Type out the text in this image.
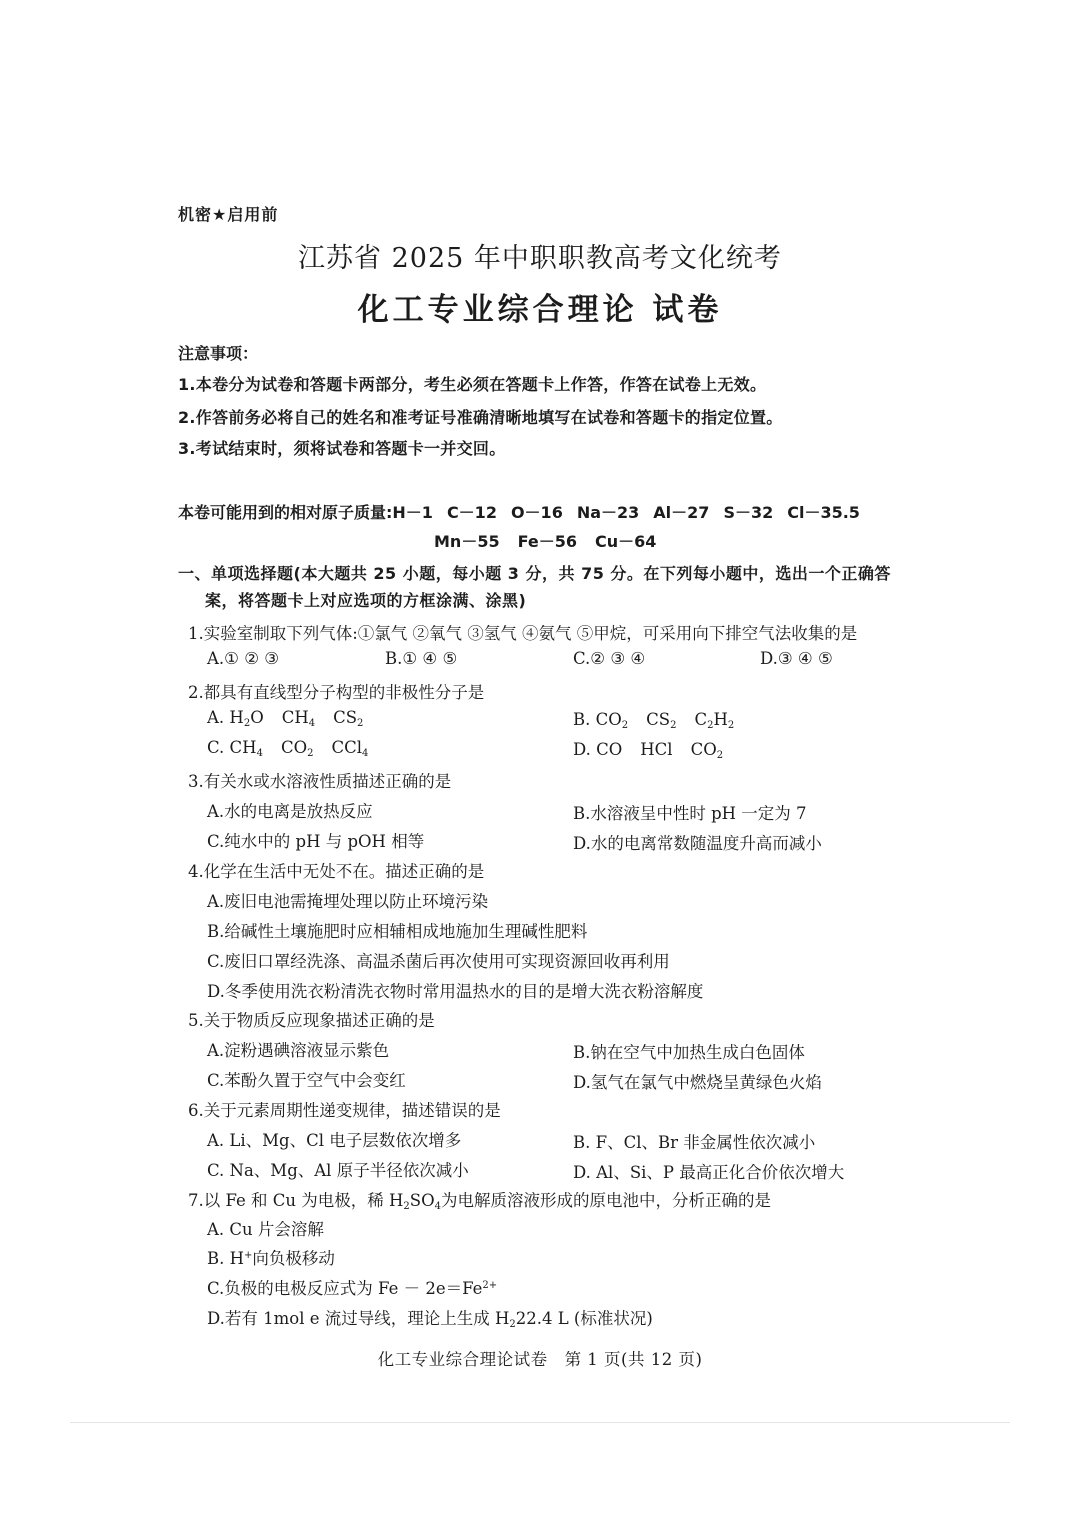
机密★启用前
江苏省 2025 年中职职教高考文化统考
化工专业综合理论 试卷
注意事项：
1.本卷分为试卷和答题卡两部分，考生必须在答题卡上作答，作答在试卷上无效。
2.作答前务必将自己的姓名和准考证号准确清晰地填写在试卷和答题卡的指定位置。
3.考试结束时，须将试卷和答题卡一并交回。
本卷可能用到的相对原子质量:H－1 C－12 O－16 Na－23 Al－27 S－32 Cl－35.5
Mn－55 Fe－56 Cu－64
一、单项选择题(本大题共 25 小题，每小题 3 分，共 75 分。在下列每小题中，选出一个正确答
案，将答题卡上对应选项的方框涂满、涂黑)
1.实验室制取下列气体:①氯气 ②氧气 ③氢气 ④氨气 ⑤甲烷，可采用向下排空气法收集的是
A.① ② ③	B.① ④ ⑤	C.② ③ ④	D.③ ④ ⑤
2.都具有直线型分子构型的非极性分子是
A. $H_2O$ $CH_4$ $CS_2$	B. $CO_2$ $CS_2$ $C_2H_2$
C. $CH_4$ $CO_2$ CCl$_4$	D. CO HCl $CO_2$
3.有关水或水溶液性质描述正确的是
A.水的电离是放热反应	B.水溶液呈中性时 pH 一定为 7
C.纯水中的 pH 与 pOH 相等	D.水的电离常数随温度升高而减小
4.化学在生活中无处不在。描述正确的是
A.废旧电池需掩埋处理以防止环境污染
B.给碱性土壤施肥时应相辅相成地施加生理碱性肥料
C.废旧口罩经洗涤、高温杀菌后再次使用可实现资源回收再利用
D.冬季使用洗衣粉清洗衣物时常用温热水的目的是增大洗衣粉溶解度
5.关于物质反应现象描述正确的是
A.淀粉遇碘溶液显示紫色	B.钠在空气中加热生成白色固体
C.苯酚久置于空气中会变红	D.氢气在氯气中燃烧呈黄绿色火焰
6.关于元素周期性递变规律，描述错误的是
A. Li、Mg、Cl 电子层数依次增多	B. F、Cl、Br 非金属性依次减小
C. Na、Mg、Al 原子半径依次减小	D. Al、Si、P 最高正化合价依次增大
7.以 Fe 和 Cu 为电极，稀 $H_2SO_4$为电解质溶液形成的原电池中，分析正确的是
A. Cu 片会溶解
B. H+向负极移动
C.负极的电极反应式为 $Fe - 2e=Fe^{2+}$
D.若有 1mol e 流过导线，理论上生成 $H_222.4$ L (标准状况)
化工专业综合理论试卷　第 1 页(共 12 页)
